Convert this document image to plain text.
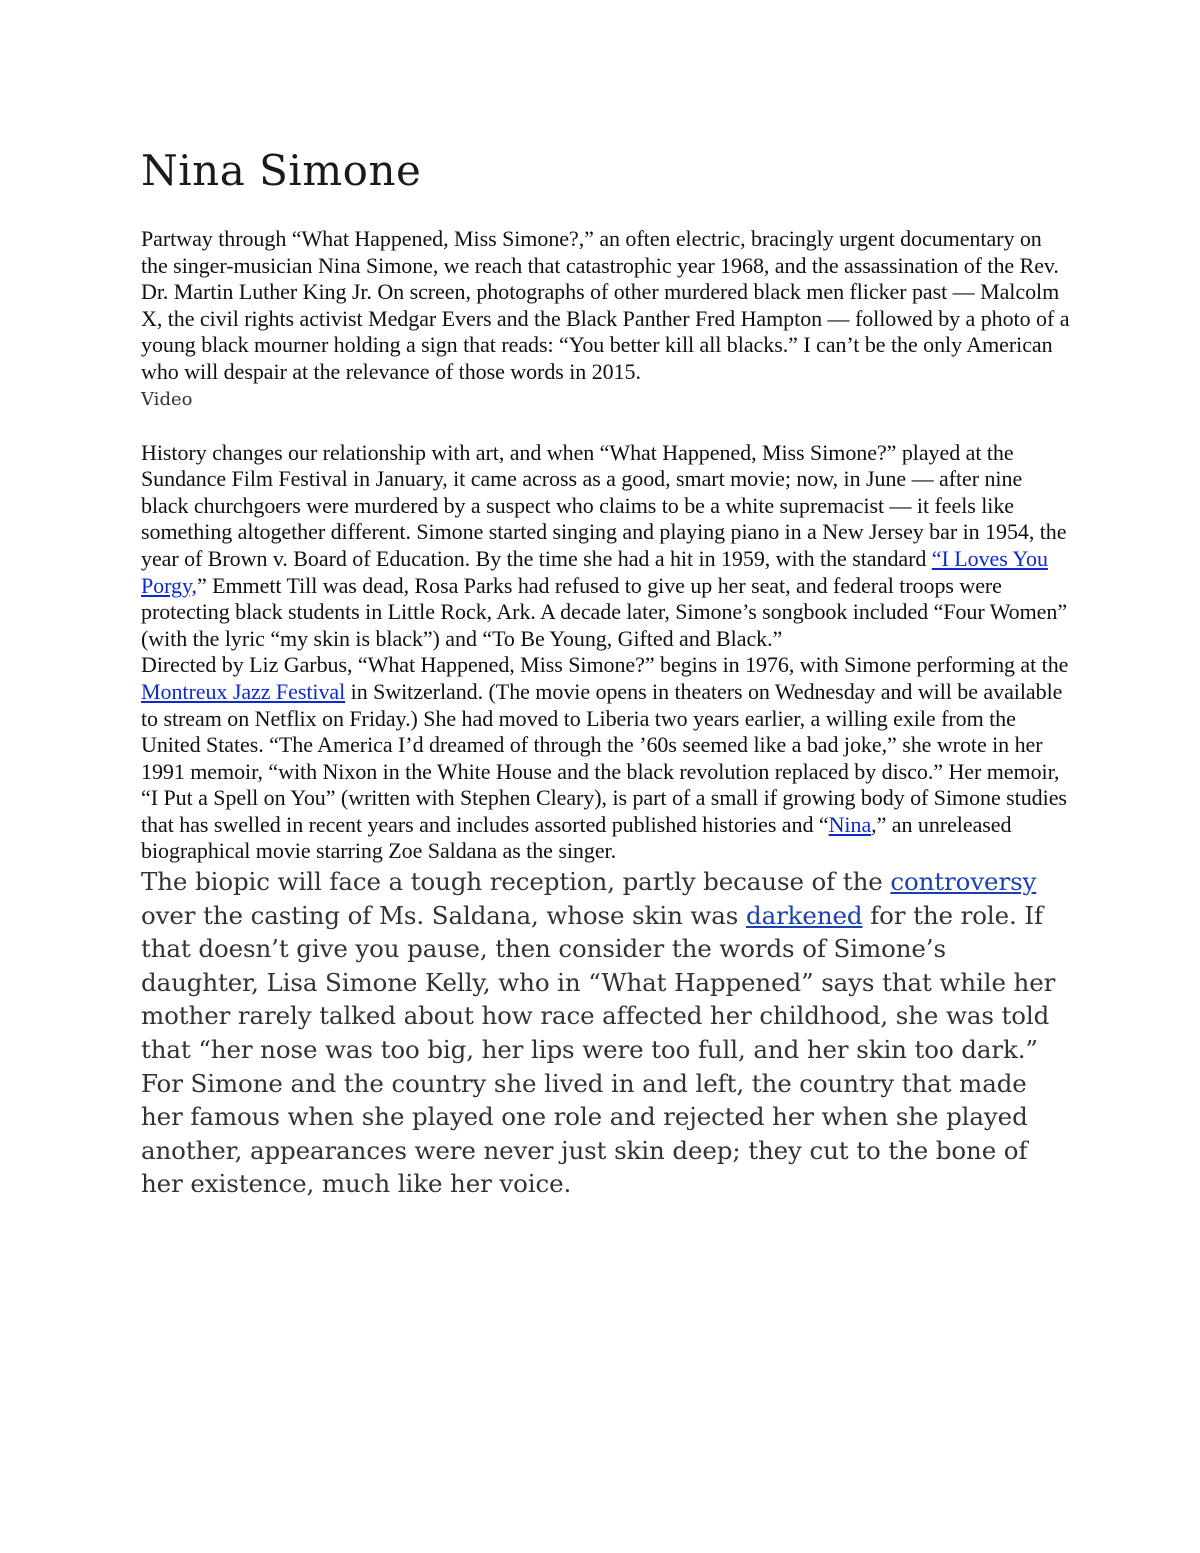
Nina Simone

Partway through “What Happened, Miss Simone?,” an often electric, bracingly urgent documentary on the singer-musician Nina Simone, we reach that catastrophic year 1968, and the assassination of the Rev. Dr. Martin Luther King Jr. On screen, photographs of other murdered black men flicker past — Malcolm X, the civil rights activist Medgar Evers and the Black Panther Fred Hampton — followed by a photo of a young black mourner holding a sign that reads: “You better kill all blacks.” I can’t be the only American who will despair at the relevance of those words in 2015.

Video

History changes our relationship with art, and when “What Happened, Miss Simone?” played at the Sundance Film Festival in January, it came across as a good, smart movie; now, in June — after nine black churchgoers were murdered by a suspect who claims to be a white supremacist — it feels like something altogether different. Simone started singing and playing piano in a New Jersey bar in 1954, the year of Brown v. Board of Education. By the time she had a hit in 1959, with the standard “I Loves You Porgy,” Emmett Till was dead, Rosa Parks had refused to give up her seat, and federal troops were protecting black students in Little Rock, Ark. A decade later, Simone’s songbook included “Four Women” (with the lyric “my skin is black”) and “To Be Young, Gifted and Black.”

Directed by Liz Garbus, “What Happened, Miss Simone?” begins in 1976, with Simone performing at the Montreux Jazz Festival in Switzerland. (The movie opens in theaters on Wednesday and will be available to stream on Netflix on Friday.) She had moved to Liberia two years earlier, a willing exile from the United States. “The America I’d dreamed of through the ’60s seemed like a bad joke,” she wrote in her 1991 memoir, “with Nixon in the White House and the black revolution replaced by disco.” Her memoir, “I Put a Spell on You” (written with Stephen Cleary), is part of a small if growing body of Simone studies that has swelled in recent years and includes assorted published histories and “Nina,” an unreleased biographical movie starring Zoe Saldana as the singer.

The biopic will face a tough reception, partly because of the controversy over the casting of Ms. Saldana, whose skin was darkened for the role. If that doesn’t give you pause, then consider the words of Simone’s daughter, Lisa Simone Kelly, who in “What Happened” says that while her mother rarely talked about how race affected her childhood, she was told that “her nose was too big, her lips were too full, and her skin too dark.” For Simone and the country she lived in and left, the country that made her famous when she played one role and rejected her when she played another, appearances were never just skin deep; they cut to the bone of her existence, much like her voice.
